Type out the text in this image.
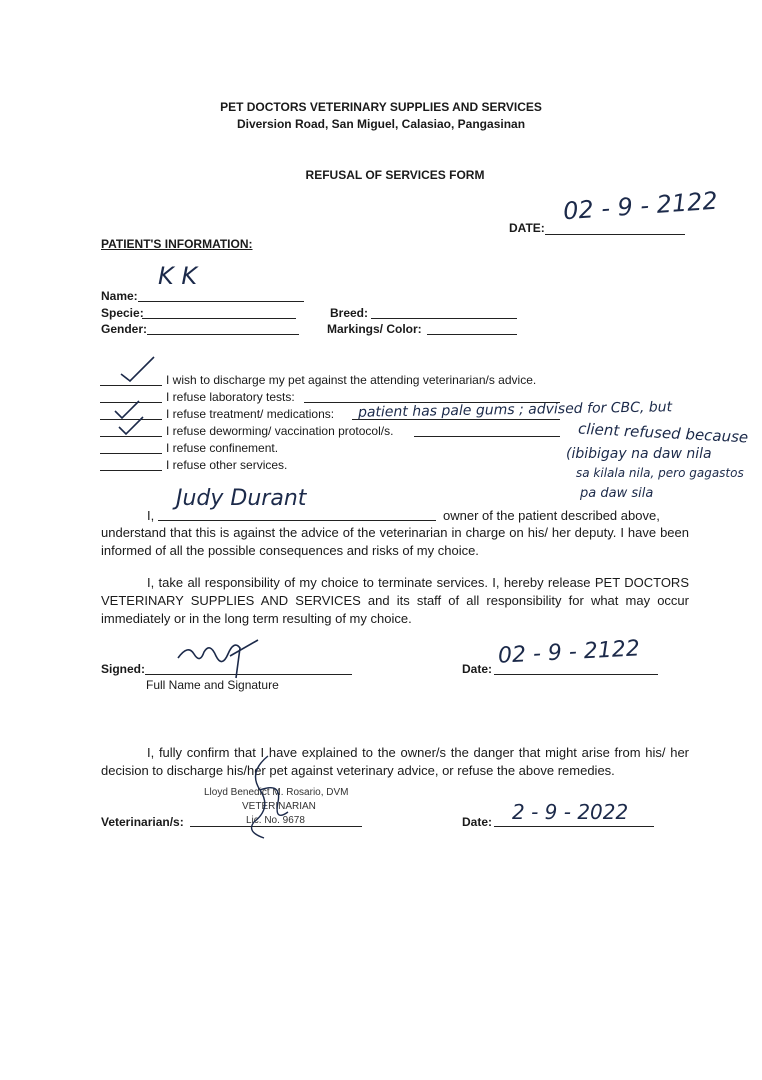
PET DOCTORS VETERINARY SUPPLIES AND SERVICES
Diversion Road, San Miguel, Calasiao, Pangasinan
REFUSAL OF SERVICES FORM
DATE:
02 - 9 - 2122
PATIENT'S INFORMATION:
K K
Name:
Specie:	Breed:
Gender:	Markings/ Color:
I wish to discharge my pet against the attending veterinarian/s advice.
I refuse laboratory tests:
I refuse treatment/ medications:
I refuse deworming/ vaccination protocol/s.
I refuse confinement.
I refuse other services.
patient has pale gums ; advised for CBC, but
client refused because
(ibibigay na daw nila
sa kilala nila, pero gagastos
pa daw sila
I,
Judy Durant
owner of the patient described above,
understand that this is against the advice of the veterinarian in charge on his/ her deputy. I have been informed of all the possible consequences and risks of my choice.
I, take all responsibility of my choice to terminate services. I, hereby release PET DOCTORS VETERINARY SUPPLIES AND SERVICES and its staff of all responsibility for what may occur immediately or in the long term resulting of my choice.
Signed:
Full Name and Signature
Date:
02 - 9 - 2122
I, fully confirm that I have explained to the owner/s the danger that might arise from his/ her decision to discharge his/her pet against veterinary advice, or refuse the above remedies.
Veterinarian/s:
Lloyd Benedict M. Rosario, DVM
VETERINARIAN
Lic. No. 9678	Date: 2 - 9 - 2022
